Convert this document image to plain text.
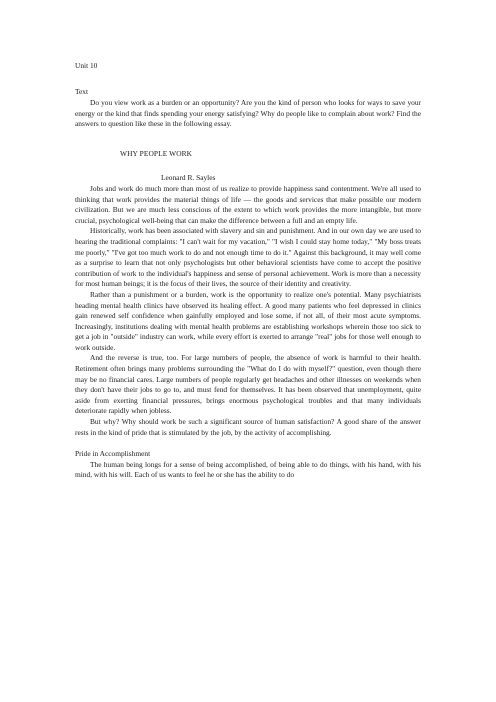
Unit 10

Text

Do you view work as a burden or an opportunity? Are you the kind of person who looks for ways to save your energy or the kind that finds spending your energy satisfying? Why do people like to complain about work? Find the answers to question like these in the following essay.

WHY PEOPLE WORK

Leonard R. Sayles

Jobs and work do much more than most of us realize to provide happiness sand contentment. We're all used to thinking that work provides the material things of life — the goods and services that make possible our modern civilization. But we are much less conscious of the extent to which work provides the more intangible, but more crucial, psychological well-being that can make the difference between a full and an empty life.

Historically, work has been associated with slavery and sin and punishment. And in our own day we are used to hearing the traditional complaints: "I can't wait for my vacation," "I wish I could stay home today," "My boss treats me poorly," "I've got too much work to do and not enough time to do it." Against this background, it may well come as a surprise to learn that not only psychologists but other behavioral scientists have come to accept the positive contribution of work to the individual's happiness and sense of personal achievement. Work is more than a necessity for most human beings; it is the focus of their lives, the source of their identity and creativity.

Rather than a punishment or a burden, work is the opportunity to realize one's potential. Many psychiatrists heading mental health clinics have observed its healing effect. A good many patients who feel depressed in clinics gain renewed self confidence when gainfully employed and lose some, if not all, of their most acute symptoms. Increasingly, institutions dealing with mental health problems are establishing workshops wherein those too sick to get a job in "outside" industry can work, while every effort is exerted to arrange "real" jobs for those well enough to work outside.

And the reverse is true, too. For large numbers of people, the absence of work is harmful to their health. Retirement often brings many problems surrounding the "What do I do with myself?" question, even though there may be no financial cares. Large numbers of people regularly get headaches and other illnesses on weekends when they don't have their jobs to go to, and must fend for themselves. It has been observed that unemployment, quite aside from exerting financial pressures, brings enormous psychological troubles and that many individuals deteriorate rapidly when jobless.

But why? Why should work be such a significant source of human satisfaction? A good share of the answer rests in the kind of pride that is stimulated by the job, by the activity of accomplishing.

Pride in Accomplishment

The human being longs for a sense of being accomplished, of being able to do things, with his hand, with his mind, with his will. Each of us wants to feel he or she has the ability to do
